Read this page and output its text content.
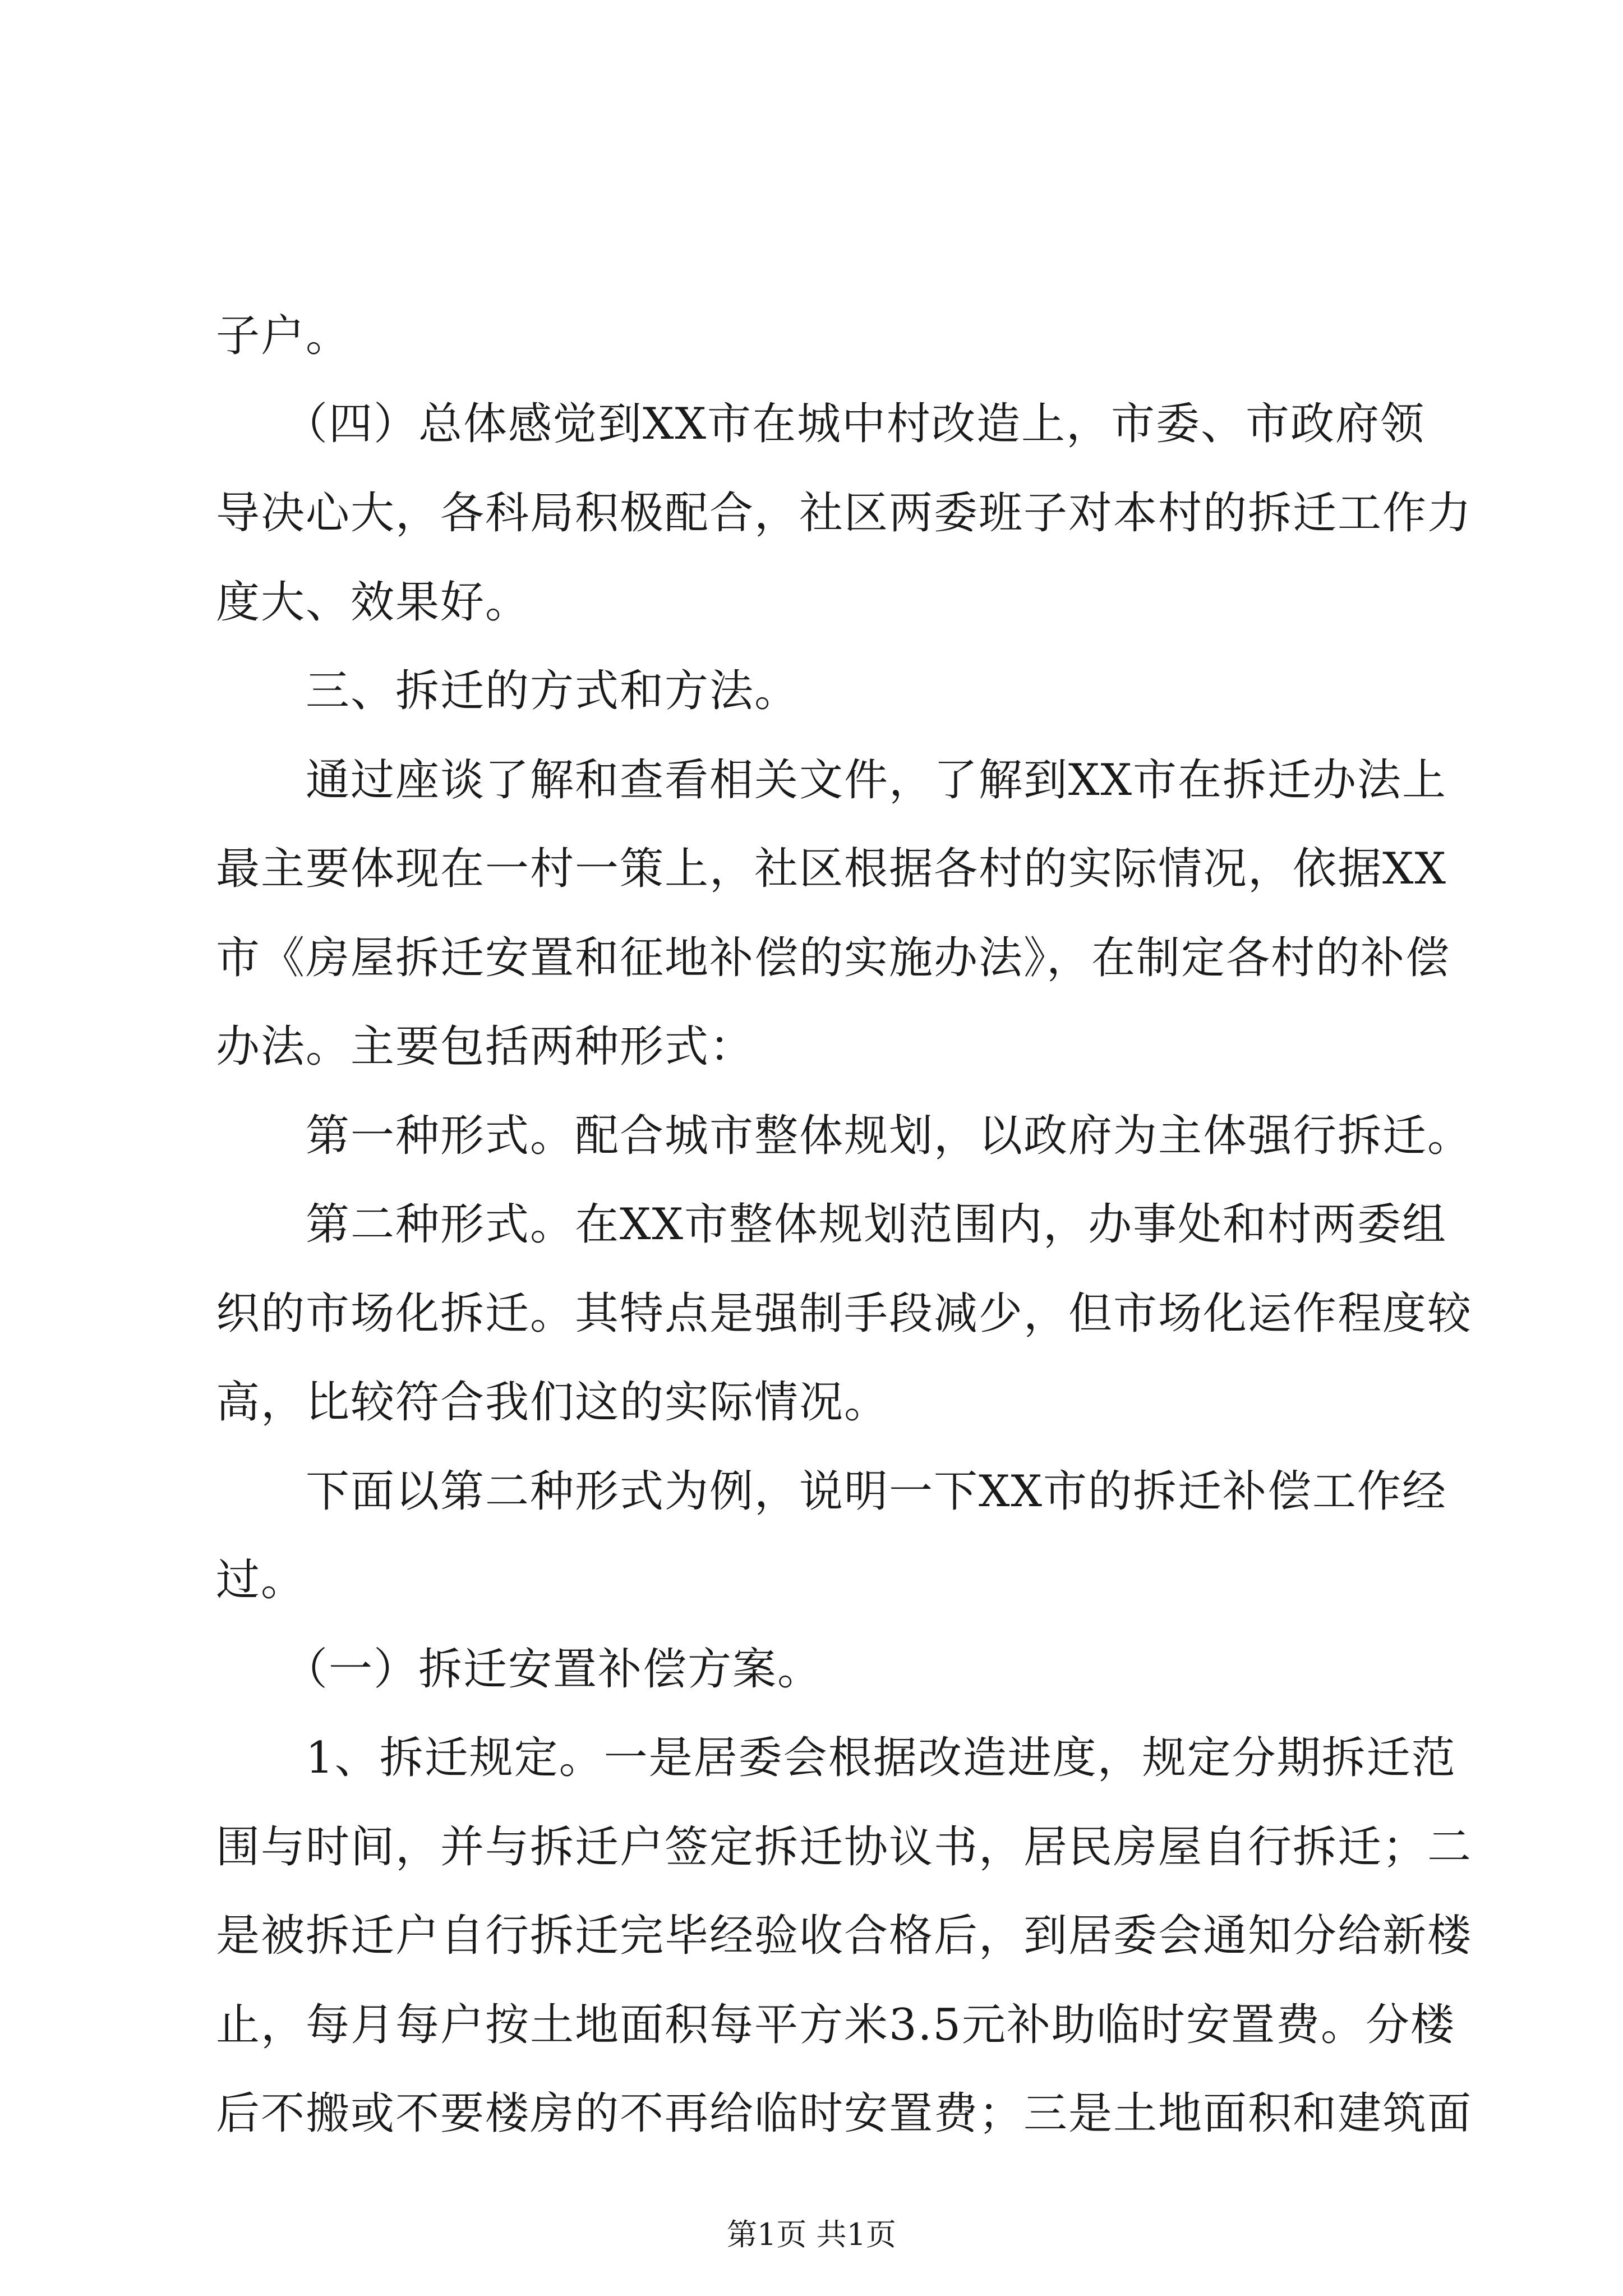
子户。
　　（四）总体感觉到XX市在城中村改造上，市委、市政府领
导决心大，各科局积极配合，社区两委班子对本村的拆迁工作力
度大、效果好。
　　三、拆迁的方式和方法。
　　通过座谈了解和查看相关文件，了解到XX市在拆迁办法上
最主要体现在一村一策上，社区根据各村的实际情况，依据XX
市《房屋拆迁安置和征地补偿的实施办法》，在制定各村的补偿
办法。主要包括两种形式：
　　第一种形式。配合城市整体规划，以政府为主体强行拆迁。
　　第二种形式。在XX市整体规划范围内，办事处和村两委组
织的市场化拆迁。其特点是强制手段减少，但市场化运作程度较
高，比较符合我们这的实际情况。
　　下面以第二种形式为例，说明一下XX市的拆迁补偿工作经
过。
　　（一）拆迁安置补偿方案。
　　1、拆迁规定。一是居委会根据改造进度，规定分期拆迁范
围与时间，并与拆迁户签定拆迁协议书，居民房屋自行拆迁；二
是被拆迁户自行拆迁完毕经验收合格后，到居委会通知分给新楼
止，每月每户按土地面积每平方米3.5元补助临时安置费。分楼
后不搬或不要楼房的不再给临时安置费；三是土地面积和建筑面
第1页 共1页
